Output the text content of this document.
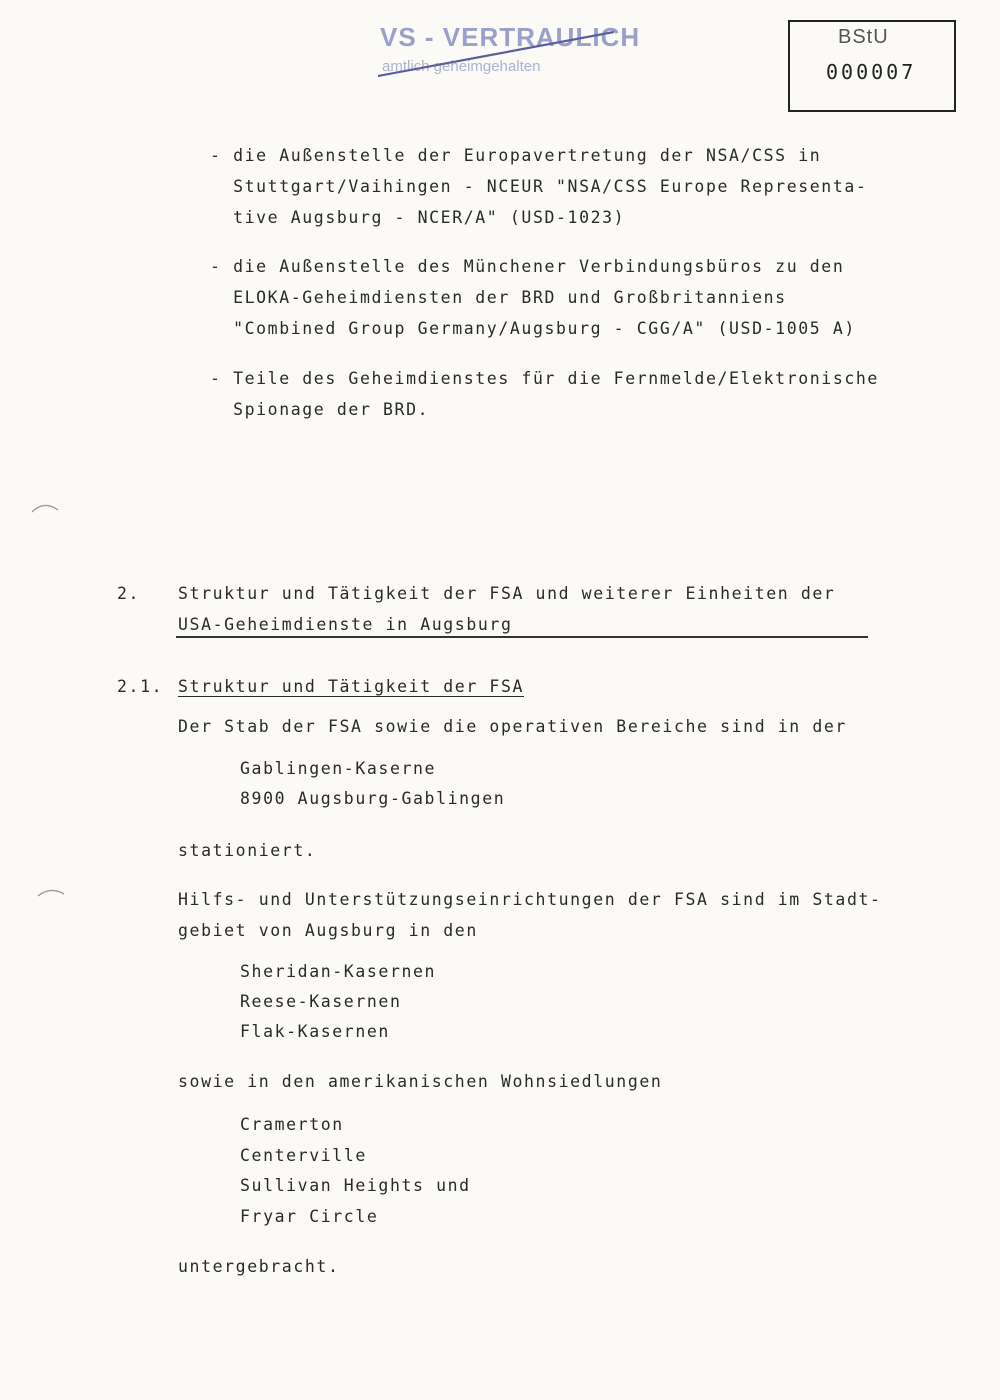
VS - VERTRAULICH
amtlich geheimgehalten
BStU
000007
- die Außenstelle der Europavertretung der NSA/CSS in
Stuttgart/Vaihingen - NCEUR "NSA/CSS Europe Representa-
tive Augsburg - NCER/A" (USD-1023)
- die Außenstelle des Münchener Verbindungsbüros zu den
ELOKA-Geheimdiensten der BRD und Großbritanniens
"Combined Group Germany/Augsburg - CGG/A" (USD-1005 A)
- Teile des Geheimdienstes für die Fernmelde/Elektronische
Spionage der BRD.
2. Struktur und Tätigkeit der FSA und weiterer Einheiten der
USA-Geheimdienste in Augsburg
2.1. Struktur und Tätigkeit der FSA
Der Stab der FSA sowie die operativen Bereiche sind in der
Gablingen-Kaserne
8900 Augsburg-Gablingen
stationiert.
Hilfs- und Unterstützungseinrichtungen der FSA sind im Stadt-
gebiet von Augsburg in den
Sheridan-Kasernen
Reese-Kasernen
Flak-Kasernen
sowie in den amerikanischen Wohnsiedlungen
Cramerton
Centerville
Sullivan Heights und
Fryar Circle
untergebracht.
